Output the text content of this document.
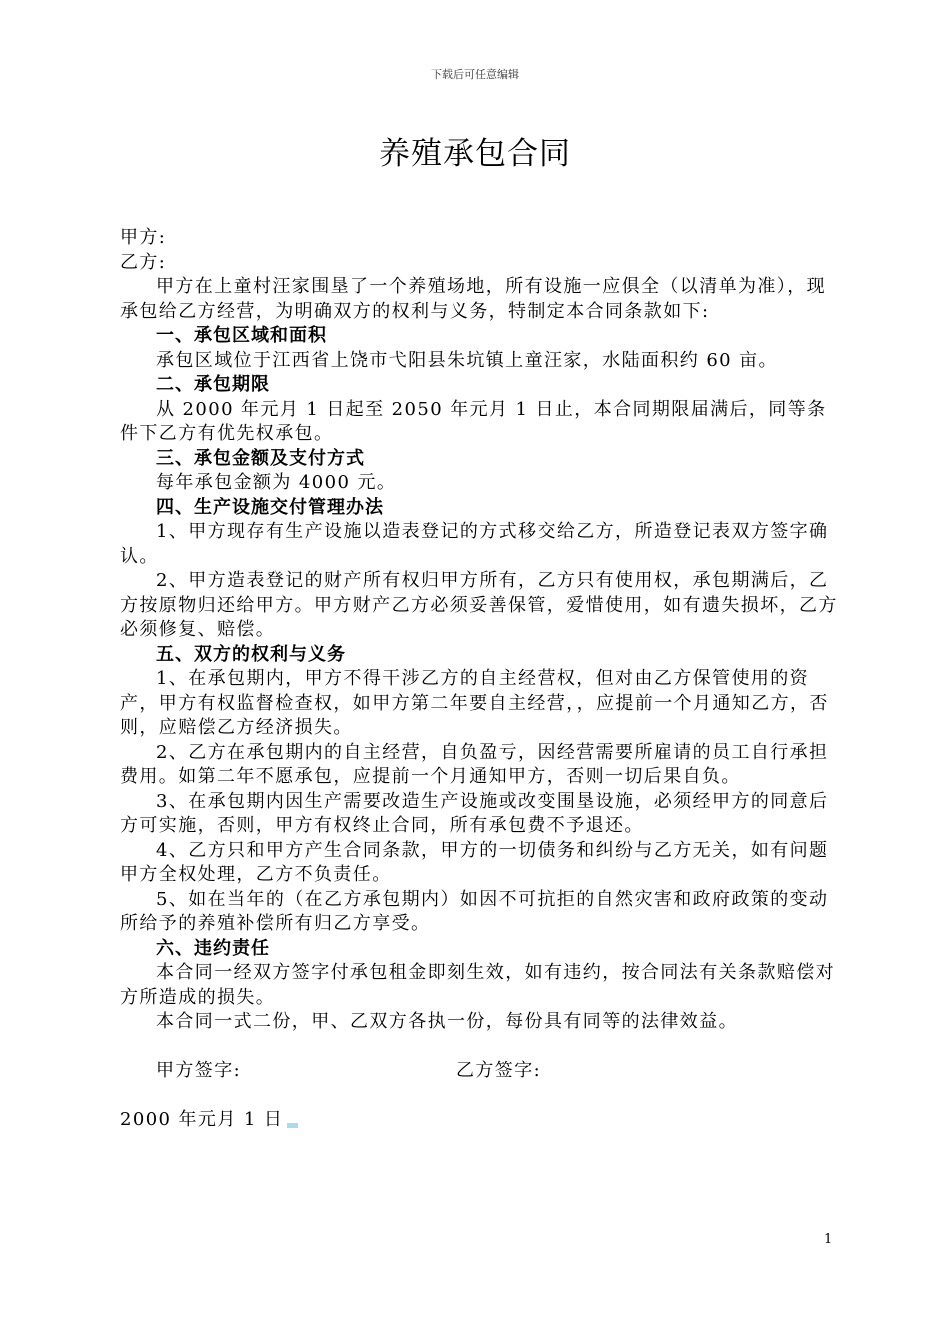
下载后可任意编辑
养殖承包合同

甲方:

乙方:

甲方在上童村汪家围垦了一个养殖场地，所有设施一应俱全（以清单为准），现承包给乙方经营，为明确双方的权利与义务，特制定本合同条款如下:

一、承包区域和面积

承包区域位于江西省上饶市弋阳县朱坑镇上童汪家，水陆面积约 60 亩。

二、承包期限

从 2000 年元月 1 日起至 2050 年元月 1 日止，本合同期限届满后，同等条件下乙方有优先权承包。

三、承包金额及支付方式

每年承包金额为 4000 元。

四、生产设施交付管理办法

1、甲方现存有生产设施以造表登记的方式移交给乙方，所造登记表双方签字确认。

2、甲方造表登记的财产所有权归甲方所有，乙方只有使用权，承包期满后，乙方按原物归还给甲方。甲方财产乙方必须妥善保管，爱惜使用，如有遗失损坏，乙方必须修复、赔偿。

五、双方的权利与义务

1、在承包期内，甲方不得干涉乙方的自主经营权，但对由乙方保管使用的资产，甲方有权监督检查权，如甲方第二年要自主经营，，应提前一个月通知乙方，否则，应赔偿乙方经济损失。

2、乙方在承包期内的自主经营，自负盈亏，因经营需要所雇请的员工自行承担费用。如第二年不愿承包，应提前一个月通知甲方，否则一切后果自负。

3、在承包期内因生产需要改造生产设施或改变围垦设施，必须经甲方的同意后方可实施，否则，甲方有权终止合同，所有承包费不予退还。

4、乙方只和甲方产生合同条款，甲方的一切债务和纠纷与乙方无关，如有问题甲方全权处理，乙方不负责任。

5、如在当年的（在乙方承包期内）如因不可抗拒的自然灾害和政府政策的变动所给予的养殖补偿所有归乙方享受。

六、违约责任

本合同一经双方签字付承包租金即刻生效，如有违约，按合同法有关条款赔偿对方所造成的损失。

本合同一式二份，甲、乙双方各执一份，每份具有同等的法律效益。

甲方签字:	乙方签字:
2000 年元月 1 日
1
